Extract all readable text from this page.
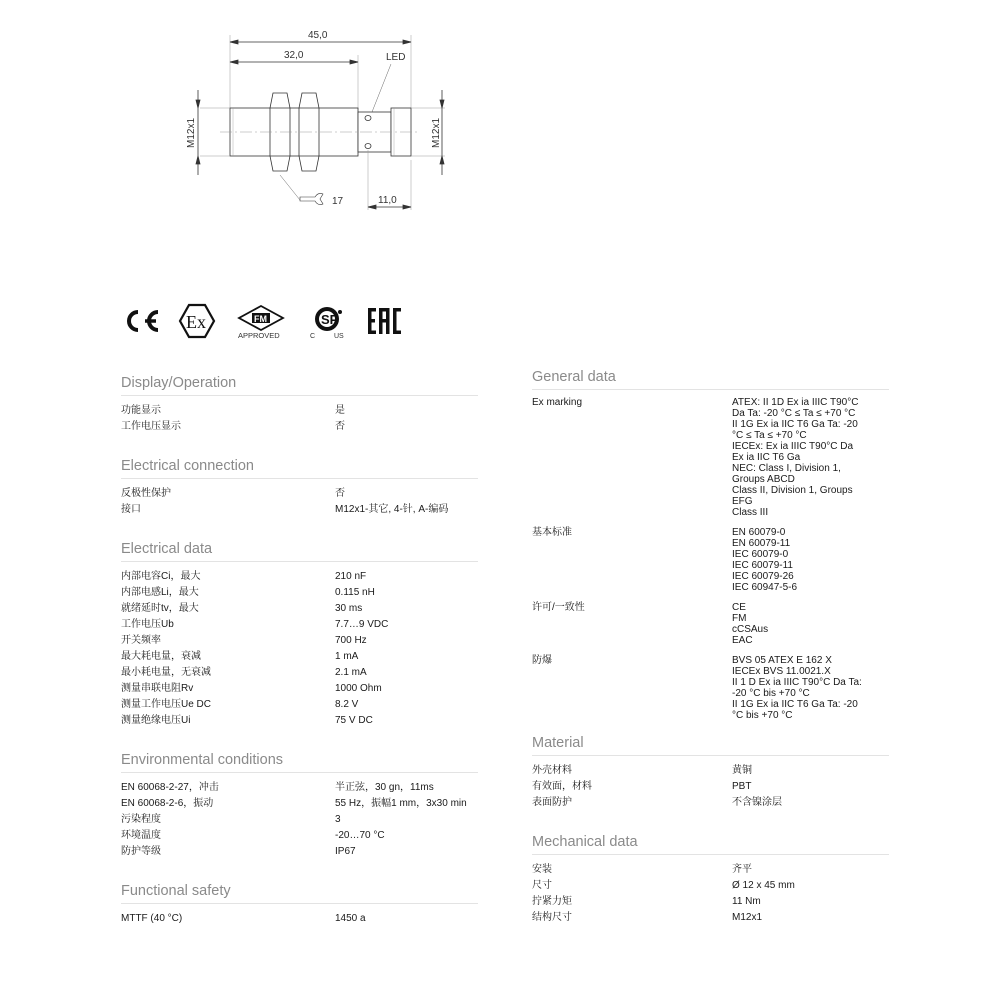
45,0
32,0	LED
M12x1	M12x1
17	11,0
Ex	FM
APPROVED
SP
C	US
Display/Operation
功能显示	是
工作电压显示	否
Electrical connection
反极性保护	否
接口	M12x1-其它, 4-针, A-编码
Electrical data
内部电容Ci，最大	210 nF
内部电感Li，最大	0.115 nH
就绪延时tv，最大	30 ms
工作电压Ub	7.7…9 VDC
开关频率	700 Hz
最大耗电量，衰减	1 mA
最小耗电量，无衰减	2.1 mA
测量串联电阻Rv	1000 Ohm
测量工作电压Ue DC	8.2 V
测量绝缘电压Ui	75 V DC
Environmental conditions
EN 60068-2-27，冲击	半正弦，30 gn，11ms
EN 60068-2-6，振动	55 Hz，振幅1 mm，3x30 min
污染程度	3
环境温度	-20…70 °C
防护等级	IP67
Functional safety
MTTF (40 °C)	1450 a
General data
Ex marking	ATEX: II 1D Ex ia IIIC T90°C
Da Ta: -20 °C ≤ Ta ≤ +70 °C
II 1G Ex ia IIC T6 Ga Ta: -20
°C ≤ Ta ≤ +70 °C
IECEx: Ex ia IIIC T90°C Da
Ex ia IIC T6 Ga
NEC: Class I, Division 1,
Groups ABCD
Class II, Division 1, Groups
EFG
Class III
基本标准	EN 60079-0
EN 60079-11
IEC 60079-0
IEC 60079-11
IEC 60079-26
IEC 60947-5-6
许可/一致性	CE
FM
cCSAus
EAC
防爆	BVS 05 ATEX E 162 X
IECEx BVS 11.0021.X
II 1 D Ex ia IIIC T90°C Da Ta:
-20 °C bis +70 °C
II 1G Ex ia IIC T6 Ga Ta: -20
°C bis +70 °C
Material
外壳材料	黄铜
有效面，材料	PBT
表面防护	不含镍涂层
Mechanical data
安装	齐平
尺寸	Ø 12 x 45 mm
拧紧力矩	11 Nm
结构尺寸	M12x1
